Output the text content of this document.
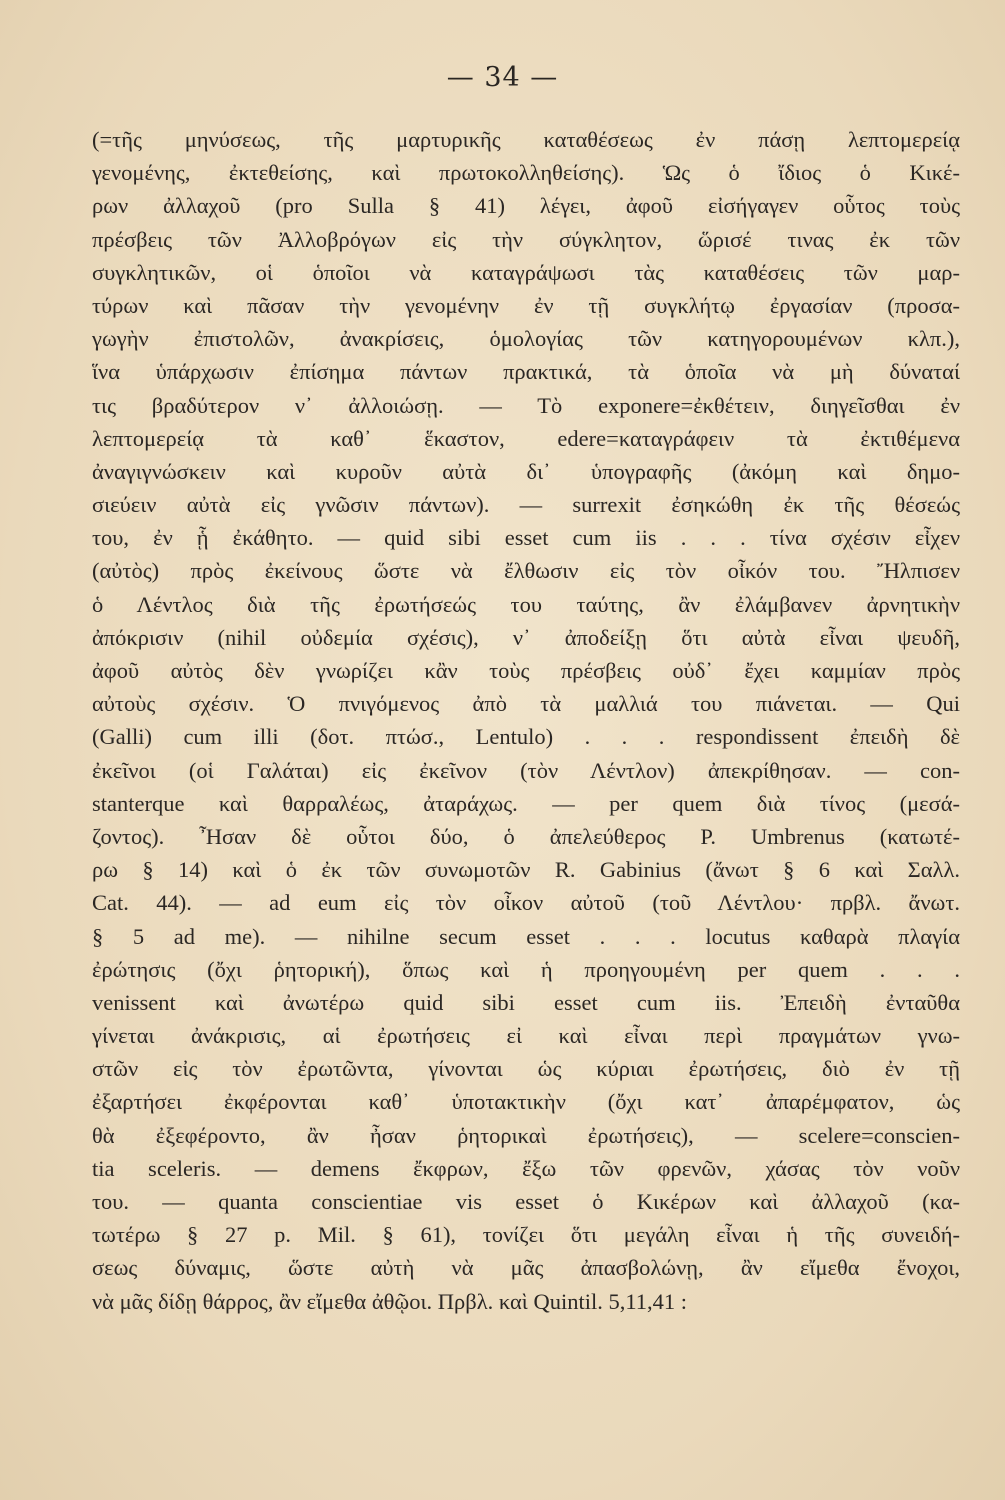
— 34 —
(=τῆς μηνύσεως, τῆς μαρτυρικῆς καταθέσεως ἐν πάσῃ λεπτομερείᾳ
γενομένης, ἐκτεθείσης, καὶ πρωτοκολληθείσης). Ὡς ὁ ἴδιος ὁ Κικέ-
ρων ἀλλαχοῦ (pro Sulla § 41) λέγει, ἀφοῦ εἰσήγαγεν οὗτος τοὺς
πρέσβεις τῶν Ἀλλοβρόγων εἰς τὴν σύγκλητον, ὥρισέ τινας ἐκ τῶν
συγκλητικῶν, οἱ ὁποῖοι νὰ καταγράψωσι τὰς καταθέσεις τῶν μαρ-
τύρων καὶ πᾶσαν τὴν γενομένην ἐν τῇ συγκλήτῳ ἐργασίαν (προσα-
γωγὴν ἐπιστολῶν, ἀνακρίσεις, ὁμολογίας τῶν κατηγορουμένων κλπ.),
ἵνα ὑπάρχωσιν ἐπίσημα πάντων πρακτικά, τὰ ὁποῖα νὰ μὴ δύναταί
τις βραδύτερον ν᾽ ἀλλοιώσῃ. — Τὸ exponere=ἐκθέτειν, διηγεῖσθαι ἐν
λεπτομερείᾳ τὰ καθ᾽ ἕκαστον, edere=καταγράφειν τὰ ἐκτιθέμενα
ἀναγιγνώσκειν καὶ κυροῦν αὐτὰ δι᾽ ὑπογραφῆς (ἀκόμη καὶ δημο-
σιεύειν αὐτὰ εἰς γνῶσιν πάντων). — surrexit ἐσηκώθη ἐκ τῆς θέσεώς
του, ἐν ᾗ ἐκάθητο. — quid sibi esset cum iis . . . τίνα σχέσιν εἶχεν
(αὐτὸς) πρὸς ἐκείνους ὥστε νὰ ἔλθωσιν εἰς τὸν οἶκόν του. Ἤλπισεν
ὁ Λέντλος διὰ τῆς ἐρωτήσεώς του ταύτης, ἂν ἐλάμβανεν ἀρνητικὴν
ἀπόκρισιν (nihil οὐδεμία σχέσις), ν᾽ ἀποδείξῃ ὅτι αὐτὰ εἶναι ψευδῆ,
ἀφοῦ αὐτὸς δὲν γνωρίζει κἂν τοὺς πρέσβεις οὐδ᾽ ἔχει καμμίαν πρὸς
αὐτοὺς σχέσιν. Ὁ πνιγόμενος ἀπὸ τὰ μαλλιά του πιάνεται. — Qui
(Galli) cum illi (δοτ. πτώσ., Lentulo) . . . respondissent ἐπειδὴ δὲ
ἐκεῖνοι (οἱ Γαλάται) εἰς ἐκεῖνον (τὸν Λέντλον) ἀπεκρίθησαν. — con-
stanterque καὶ θαρραλέως, ἀταράχως. — per quem διὰ τίνος (μεσά-
ζοντος). Ἦσαν δὲ οὗτοι δύο, ὁ ἀπελεύθερος P. Umbrenus (κατωτέ-
ρω § 14) καὶ ὁ ἐκ τῶν συνωμοτῶν R. Gabinius (ἄνωτ § 6 καὶ Σαλλ.
Cat. 44). — ad eum εἰς τὸν οἶκον αὐτοῦ (τοῦ Λέντλου· πρβλ. ἄνωτ.
§ 5 ad me). — nihilne secum esset . . . locutus καθαρὰ πλαγία
ἐρώτησις (ὄχι ῥητορική), ὅπως καὶ ἡ προηγουμένη per quem . . .
venissent καὶ ἀνωτέρω quid sibi esset cum iis. Ἐπειδὴ ἐνταῦθα
γίνεται ἀνάκρισις, αἱ ἐρωτήσεις εἰ καὶ εἶναι περὶ πραγμάτων γνω-
στῶν εἰς τὸν ἐρωτῶντα, γίνονται ὡς κύριαι ἐρωτήσεις, διὸ ἐν τῇ
ἐξαρτήσει ἐκφέρονται καθ᾽ ὑποτακτικὴν (ὄχι κατ᾽ ἀπαρέμφατον, ὡς
θὰ ἐξεφέροντο, ἂν ἦσαν ῥητορικαὶ ἐρωτήσεις), — scelere=conscien-
tia sceleris. — demens ἔκφρων, ἔξω τῶν φρενῶν, χάσας τὸν νοῦν
του. — quanta conscientiae vis esset ὁ Κικέρων καὶ ἀλλαχοῦ (κα-
τωτέρω § 27 p. Mil. § 61), τονίζει ὅτι μεγάλη εἶναι ἡ τῆς συνειδή-
σεως δύναμις, ὥστε αὐτὴ νὰ μᾶς ἀπασβολώνῃ, ἂν εἴμεθα ἔνοχοι,
νὰ μᾶς δίδῃ θάρρος, ἂν εἴμεθα ἀθῷοι. Πρβλ. καὶ Quintil. 5,11,41 :
